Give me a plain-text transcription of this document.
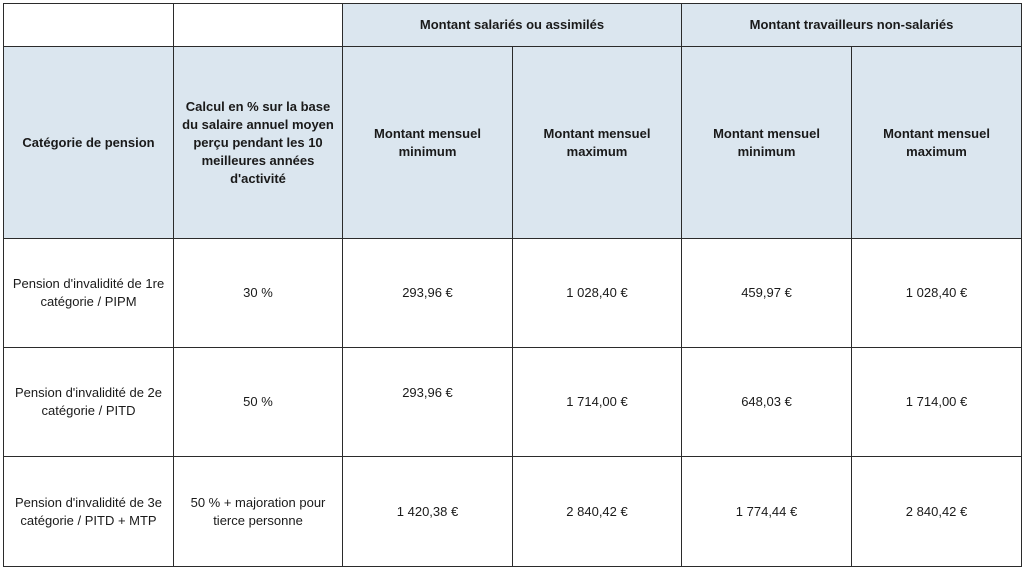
		Montant salariés ou assimilés		Montant travailleurs non-salariés	
Catégorie de pension	Calcul en % sur la base du salaire annuel moyen perçu pendant les 10 meilleures années d'activité	Montant mensuel minimum	Montant mensuel maximum	Montant mensuel minimum	Montant mensuel maximum
Pension d'invalidité de 1re catégorie / PIPM	30 %	293,96 €	1 028,40 €	459,97 €	1 028,40 €
Pension d'invalidité de 2e catégorie / PITD	50 %	293,96 €	1 714,00 €	648,03 €	1 714,00 €
Pension d'invalidité de 3e catégorie / PITD + MTP	50 % + majoration pour tierce personne	1 420,38 €	2 840,42 €	1 774,44 €	2 840,42 €
